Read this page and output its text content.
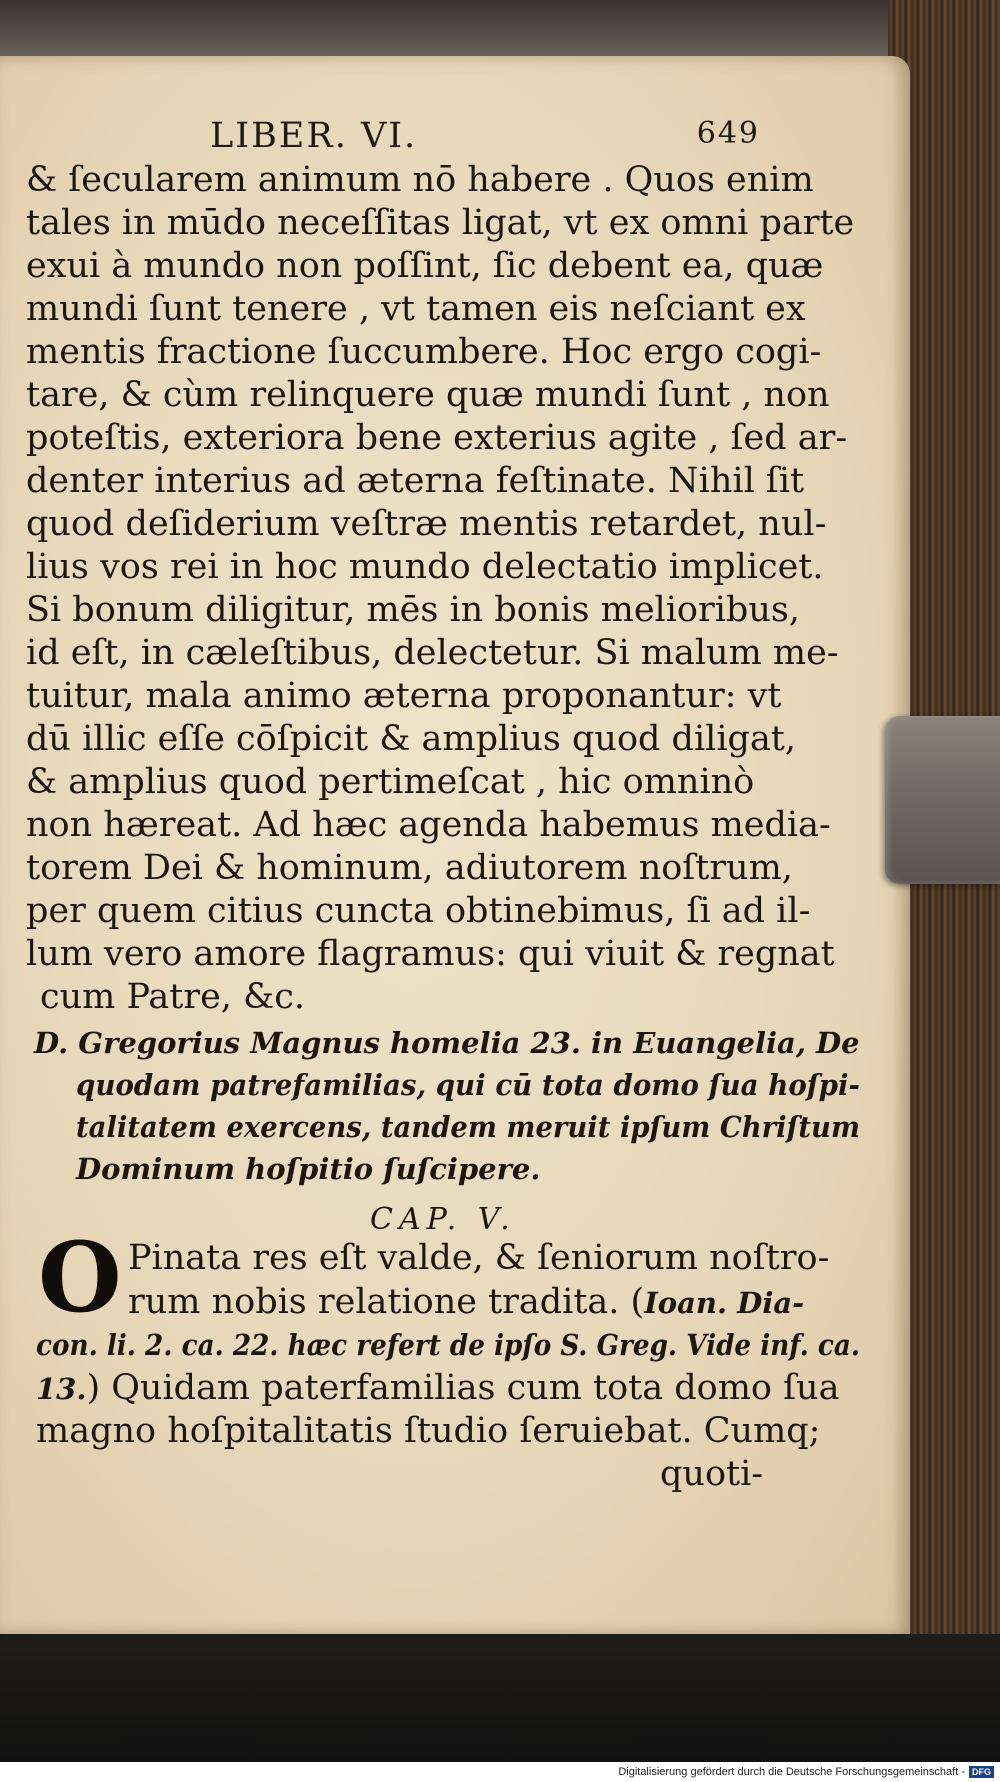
LIBER. VI.	649
& ſecularem animum nō habere . Quos enim
tales in mūdo neceſſitas ligat, vt ex omni parte
exui à mundo non poſſint, ſic debent ea, quæ
mundi ſunt tenere , vt tamen eis neſciant ex
mentis fractione ſuccumbere. Hoc ergo cogi-
tare, & cùm relinquere quæ mundi ſunt , non
poteſtis, exteriora bene exterius agite , ſed ar-
denter interius ad æterna feſtinate. Nihil ſit
quod deſiderium veſtræ mentis retardet, nul-
lius vos rei in hoc mundo delectatio implicet.
Si bonum diligitur, mēs in bonis melioribus,
id eſt, in cæleſtibus, delectetur. Si malum me-
tuitur, mala animo æterna proponantur: vt
dū illic eſſe cōſpicit & amplius quod diligat,
& amplius quod pertimeſcat , hic omninò
non hæreat. Ad hæc agenda habemus media-
torem Dei & hominum, adiutorem noſtrum,
per quem citius cuncta obtinebimus, ſi ad il-
lum vero amore flagramus: qui viuit & regnat
cum Patre, &c.
D. Gregorius Magnus homelia 23. in Euangelia, De
quodam patrefamilias, qui cū tota domo ſua hoſpi-
talitatem exercens, tandem meruit ipſum Chriſtum
Dominum hoſpitio ſuſcipere.
CAP. V.
O Pinata res eſt valde, & ſeniorum noſtro-
rum nobis relatione tradita. (Ioan. Dia-
con. li. 2. ca. 22. hæc refert de ipſo S. Greg. Vide inf. ca.
13.) Quidam paterfamilias cum tota domo ſua
magno hoſpitalitatis ſtudio ſeruiebat. Cumq;
quoti-
Digitalisierung gefördert durch die Deutsche Forschungsgemeinschaft - DFG
